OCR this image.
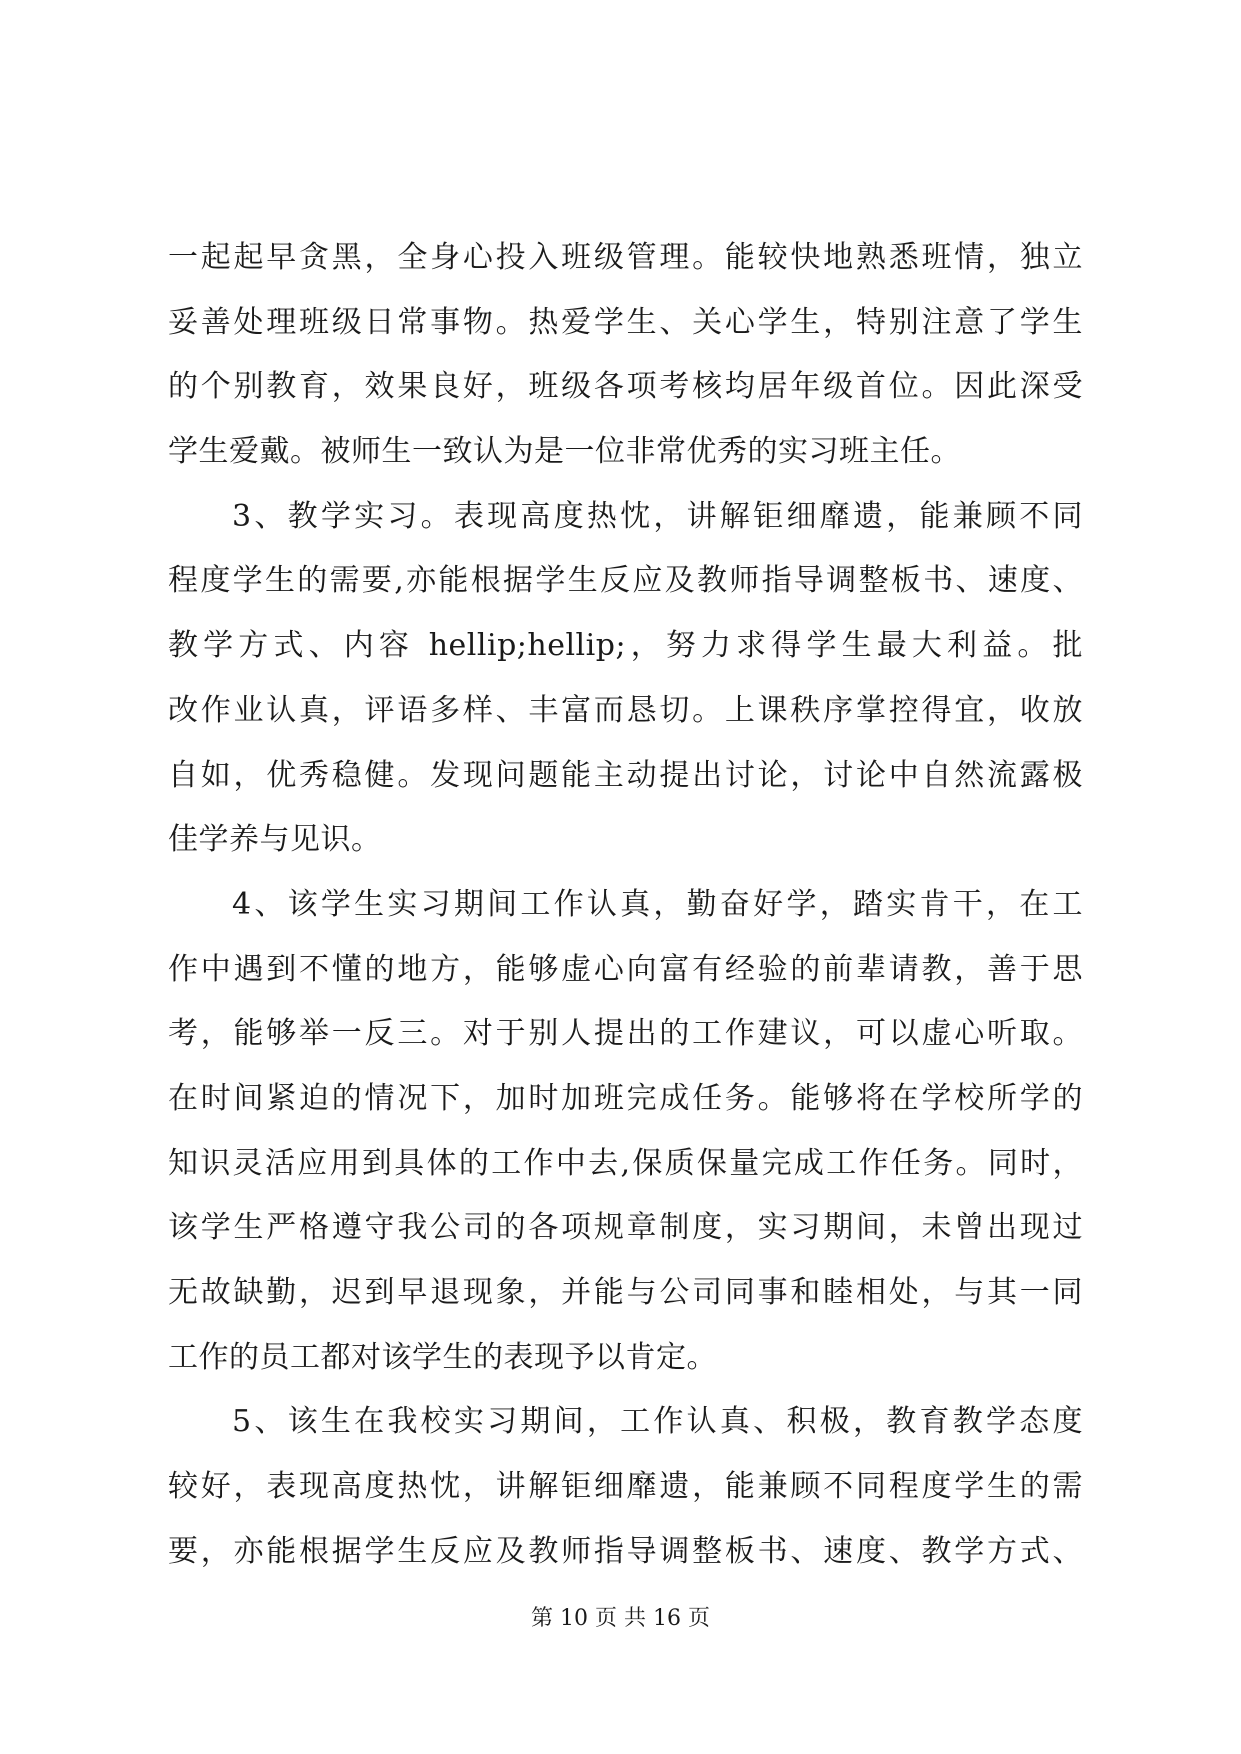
一起起早贪黑，全身心投入班级管理。能较快地熟悉班情，独立
妥善处理班级日常事物。热爱学生、关心学生，特别注意了学生
的个别教育，效果良好，班级各项考核均居年级首位。因此深受
学生爱戴。被师生一致认为是一位非常优秀的实习班主任。
3、教学实习。表现高度热忱，讲解钜细靡遗，能兼顾不同
程度学生的需要,亦能根据学生反应及教师指导调整板书、速度、
教学方式、内容 hellip;hellip;，努力求得学生最大利益。批
改作业认真，评语多样、丰富而恳切。上课秩序掌控得宜，收放
自如，优秀稳健。发现问题能主动提出讨论，讨论中自然流露极
佳学养与见识。
4、该学生实习期间工作认真，勤奋好学，踏实肯干，在工
作中遇到不懂的地方，能够虚心向富有经验的前辈请教，善于思
考，能够举一反三。对于别人提出的工作建议，可以虚心听取。
在时间紧迫的情况下，加时加班完成任务。能够将在学校所学的
知识灵活应用到具体的工作中去,保质保量完成工作任务。同时，
该学生严格遵守我公司的各项规章制度，实习期间，未曾出现过
无故缺勤，迟到早退现象，并能与公司同事和睦相处，与其一同
工作的员工都对该学生的表现予以肯定。
5、该生在我校实习期间，工作认真、积极，教育教学态度
较好，表现高度热忱，讲解钜细靡遗，能兼顾不同程度学生的需
要，亦能根据学生反应及教师指导调整板书、速度、教学方式、
第 10 页 共 16 页
